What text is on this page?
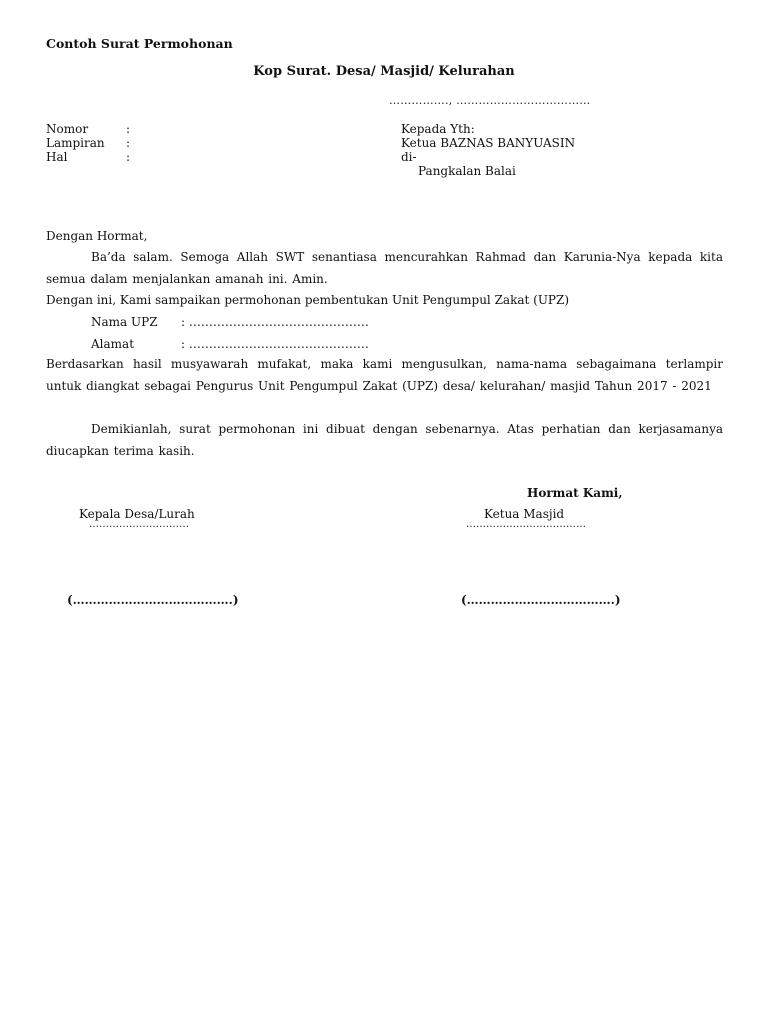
Contoh Surat Permohonan
Kop Surat. Desa/ Masjid/ Kelurahan
……………., ………………………………
Nomor	:
Lampiran :
Hal	:
Kepada Yth:
Ketua BAZNAS BANYUASIN
di-
Pangkalan Balai
Dengan Hormat,
Ba’da salam. Semoga Allah SWT senantiasa mencurahkan Rahmad dan Karunia-Nya kepada kita semua dalam menjalankan amanah ini. Amin.
Dengan ini, Kami sampaikan permohonan pembentukan Unit Pengumpul Zakat (UPZ)
Nama UPZ : ………………………………………
Alamat	: ………………………………………
Berdasarkan hasil musyawarah mufakat, maka kami mengusulkan, nama-nama sebagaimana terlampir untuk diangkat sebagai Pengurus Unit Pengumpul Zakat (UPZ) desa/ kelurahan/ masjid Tahun 2017 - 2021
Demikianlah, surat permohonan ini dibuat dengan sebenarnya. Atas perhatian dan kerjasamanya diucapkan terima kasih.
Hormat Kami,
Kepala Desa/Lurah
…………………………
(………………………………….)
Ketua Masjid
………………………………
(……………………………….)
